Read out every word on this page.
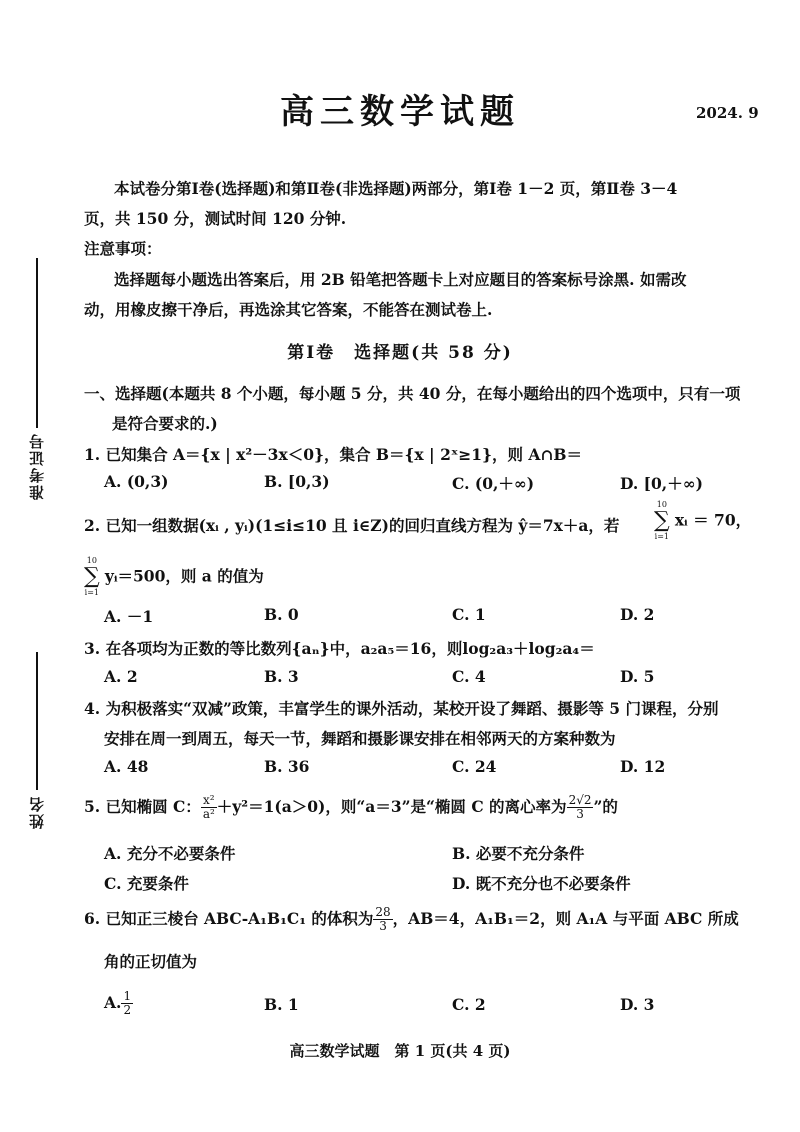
高三数学试题	2024. 9
本试卷分第Ⅰ卷(选择题)和第Ⅱ卷(非选择题)两部分，第Ⅰ卷 1－2 页，第Ⅱ卷 3－4
页，共 150 分，测试时间 120 分钟.
注意事项：
选择题每小题选出答案后，用 2B 铅笔把答题卡上对应题目的答案标号涂黑. 如需改
动，用橡皮擦干净后，再选涂其它答案，不能答在测试卷上.
第Ⅰ卷　选择题(共 58 分)
一、选择题(本题共 8 个小题，每小题 5 分，共 40 分，在每小题给出的四个选项中，只有一项
是符合要求的.)
准考证号
姓名
1. 已知集合 A＝{x | x²－3x＜0}，集合 B＝{x | 2ˣ≥1}，则 A∩B＝
A. (0,3)	B. [0,3)	C. (0,＋∞)	D. [0,＋∞)
2. 已知一组数据(xᵢ , yᵢ)(1≤i≤10 且 i∈Z)的回归直线方程为 ŷ＝7x＋a，若
10
∑
i=1
xᵢ ＝ 70，
10
∑
i=1
yᵢ＝500，则 a 的值为
A. －1	B. 0	C. 1	D. 2
3. 在各项均为正数的等比数列{aₙ}中，a₂a₅＝16，则log₂a₃＋log₂a₄＝
A. 2	B. 3	C. 4	D. 5
4. 为积极落实“双减”政策，丰富学生的课外活动，某校开设了舞蹈、摄影等 5 门课程，分别
安排在周一到周五，每天一节，舞蹈和摄影课安排在相邻两天的方案种数为
A. 48	B. 36	C. 24	D. 12
5. 已知椭圆 C： $\frac{\text{x²}}{\text{a²}} +y^2=1(a>0)$，则“a＝3”是“椭圆 C 的离心率为 $\frac{2√2}{3}$ ”的
A. 充分不必要条件	B. 必要不充分条件
C. 充要条件	D. 既不充分也不必要条件
6. 已知正三棱台 ABC-A₁B₁C₁ 的体积为 $\frac{28}{3}$ ，AB＝4，A₁B₁＝2，则 A₁A 与平面 ABC 所成
角的正切值为
A. $\frac{1}{2}$	B. 1	C. 2	D. 3
高三数学试题　第 1 页(共 4 页)
